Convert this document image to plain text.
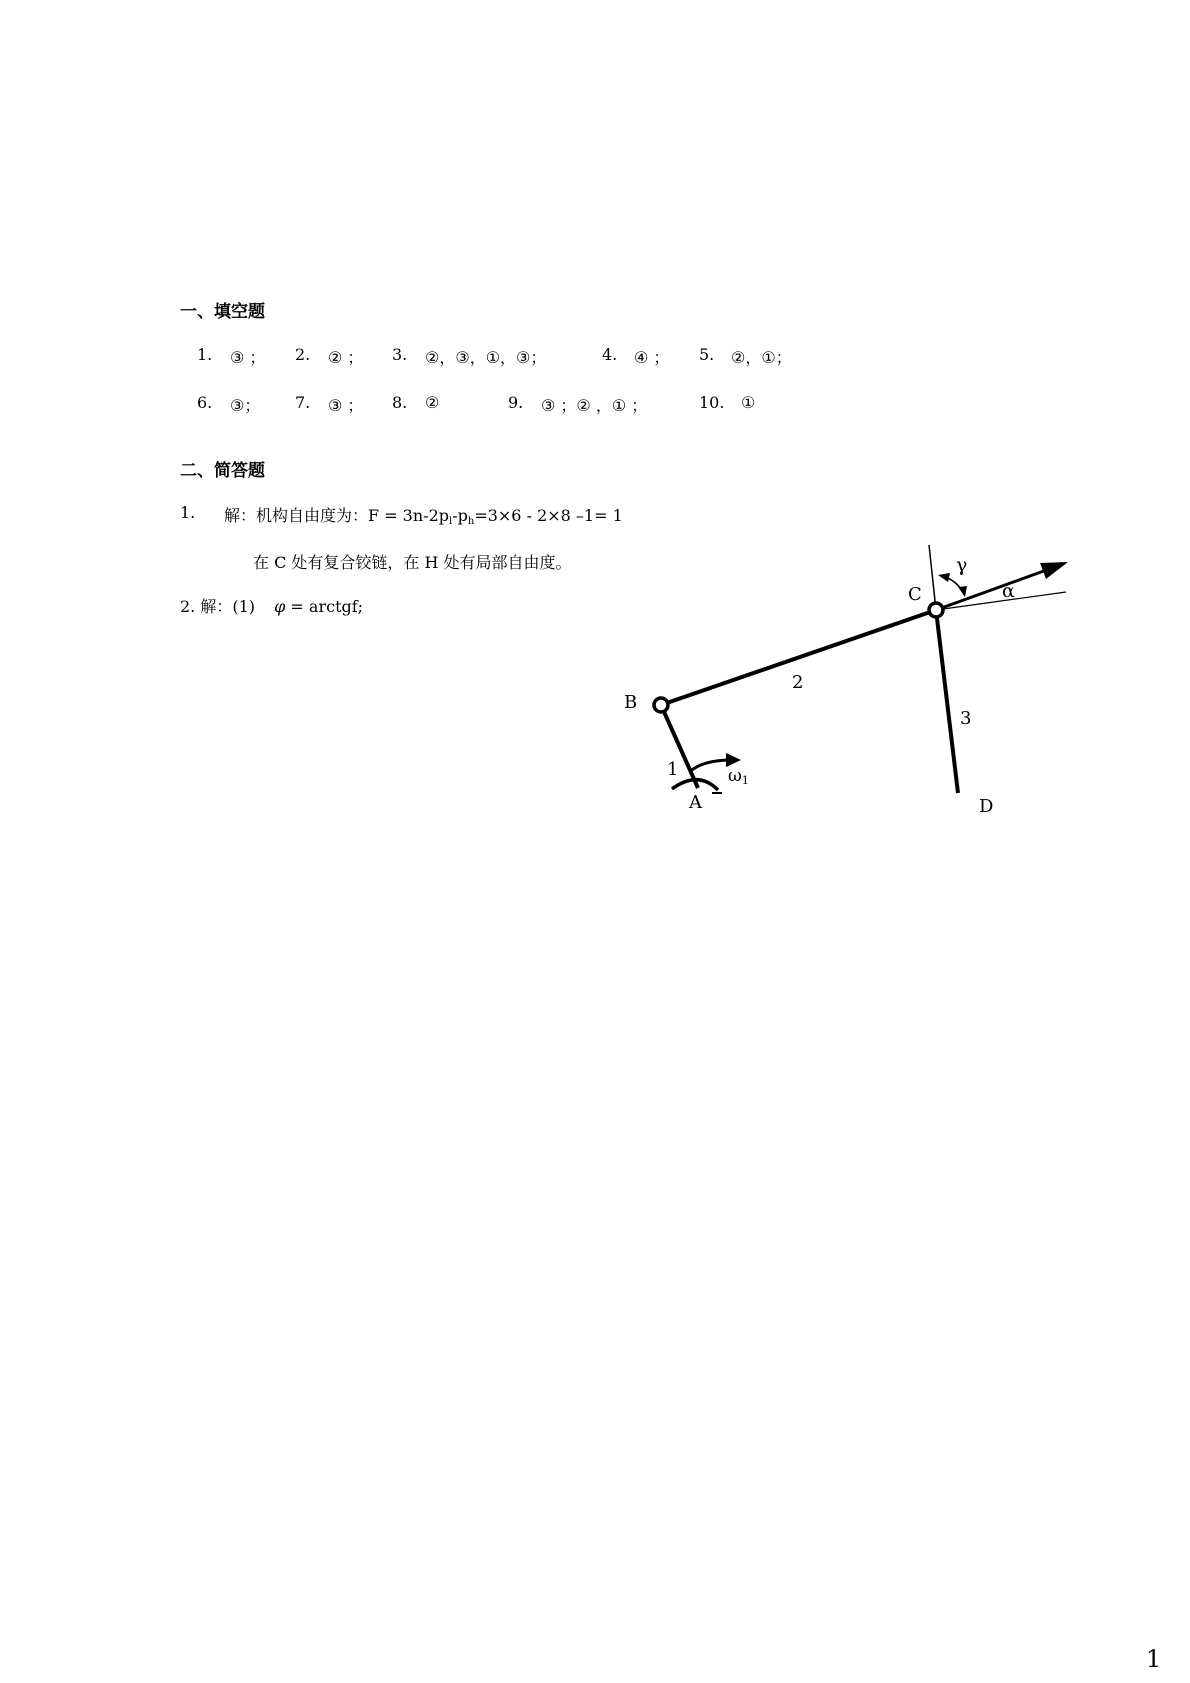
一、填空题
1. ③ ； 2. ② ； 3. ②，③，①，③；	4. ④ ； 5. ②，①；
6. ③； 7. ③ ； 8. ②	9. ③ ；② ，① ；	10. ①
二、简答题
1. 解：机构自由度为：$F = 3n-2p_l-p_h=3\times 6 - 2\times 8$ –1= 1
在 C 处有复合铰链，在 H 处有局部自由度。
2. 解：(1) φ = arctgf;
A
B
C
D
1
2
3
γ
α
ω1
1
